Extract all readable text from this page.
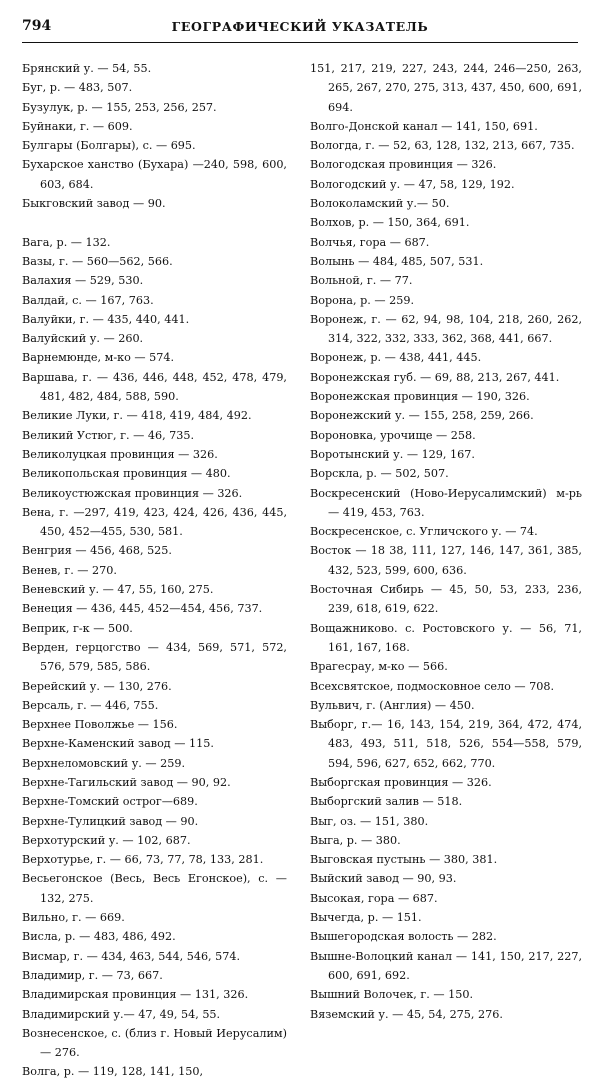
794	ГЕОГРАФИЧЕСКИЙ УКАЗАТЕЛЬ
Брянский у. — 54, 55.
Буг, р. — 483, 507.
Бузулук, р. — 155, 253, 256, 257.
Буйнаки, г. — 609.
Булгары (Болгары), с. — 695.
Бухарское ханство (Бухара) —240, 598, 600, 603, 684.
Быкговский завод — 90.
Вага, р. — 132.
Вазы, г. — 560—562, 566.
Валахия — 529, 530.
Валдай, с. — 167, 763.
Валуйки, г. — 435, 440, 441.
Валуйский у. — 260.
Варнемюнде, м-ко — 574.
Варшава, г. — 436, 446, 448, 452, 478, 479, 481, 482, 484, 588, 590.
Великие Луки, г. — 418, 419, 484, 492.
Великий Устюг, г. — 46, 735.
Великолуцкая провинция — 326.
Великопольская провинция — 480.
Великоустюжская провинция — 326.
Вена, г. —297, 419, 423, 424, 426, 436, 445, 450, 452—455, 530, 581.
Венгрия — 456, 468, 525.
Венев, г. — 270.
Веневский у. — 47, 55, 160, 275.
Венеция — 436, 445, 452—454, 456, 737.
Веприк, г-к — 500.
Верден, герцогство — 434, 569, 571, 572, 576, 579, 585, 586.
Верейский у. — 130, 276.
Версаль, г. — 446, 755.
Верхнее Поволжье — 156.
Верхне-Каменский завод — 115.
Верхнеломовский у. — 259.
Верхне-Тагильский завод — 90, 92.
Верхне-Томский острог—689.
Верхне-Тулицкий завод — 90.
Верхотурский у. — 102, 687.
Верхотурье, г. — 66, 73, 77, 78, 133, 281.
Весьегонское (Весь, Весь Егонское), с. — 132, 275.
Вильно, г. — 669.
Висла, р. — 483, 486, 492.
Висмар, г. — 434, 463, 544, 546, 574.
Владимир, г. — 73, 667.
Владимирская провинция — 131, 326.
Владимирский у.— 47, 49, 54, 55.
Вознесенское, с. (близ г. Новый Иерусалим) — 276.
Волга, р. — 119, 128, 141, 150,
151, 217, 219, 227, 243, 244, 246—250, 263, 265, 267, 270, 275, 313, 437, 450, 600, 691, 694.
Волго-Донской канал — 141, 150, 691.
Вологда, г. — 52, 63, 128, 132, 213, 667, 735.
Вологодская провинция — 326.
Вологодский у. — 47, 58, 129, 192.
Волоколамский у.— 50.
Волхов, р. — 150, 364, 691.
Волчья, гора — 687.
Волынь — 484, 485, 507, 531.
Вольной, г. — 77.
Ворона, р. — 259.
Воронеж, г. — 62, 94, 98, 104, 218, 260, 262, 314, 322, 332, 333, 362, 368, 441, 667.
Воронеж, р. — 438, 441, 445.
Воронежская губ. — 69, 88, 213, 267, 441.
Воронежская провинция — 190, 326.
Воронежский у. — 155, 258, 259, 266.
Вороновка, урочище — 258.
Воротынский у. — 129, 167.
Ворскла, р. — 502, 507.
Воскресенский (Ново-Иерусалимский) м-рь — 419, 453, 763.
Воскресенское, с. Угличского у. — 74.
Восток — 18 38, 111, 127, 146, 147, 361, 385, 432, 523, 599, 600, 636.
Восточная Сибирь — 45, 50, 53, 233, 236, 239, 618, 619, 622.
Вощажниково. с. Ростовского у. — 56, 71, 161, 167, 168.
Врагесрау, м-ко — 566.
Всехсвятское, подмосковное село — 708.
Вульвич, г. (Англия) — 450.
Выборг, г.— 16, 143, 154, 219, 364, 472, 474, 483, 493, 511, 518, 526, 554—558, 579, 594, 596, 627, 652, 662, 770.
Выборгская провинция — 326.
Выборгский залив — 518.
Выг, оз. — 151, 380.
Выга, р. — 380.
Выговская пустынь — 380, 381.
Выйский завод — 90, 93.
Высокая, гора — 687.
Вычегда, р. — 151.
Вышегородская волость — 282.
Вышне-Волоцкий канал — 141, 150, 217, 227, 600, 691, 692.
Вышний Волочек, г. — 150.
Вяземский у. — 45, 54, 275, 276.
